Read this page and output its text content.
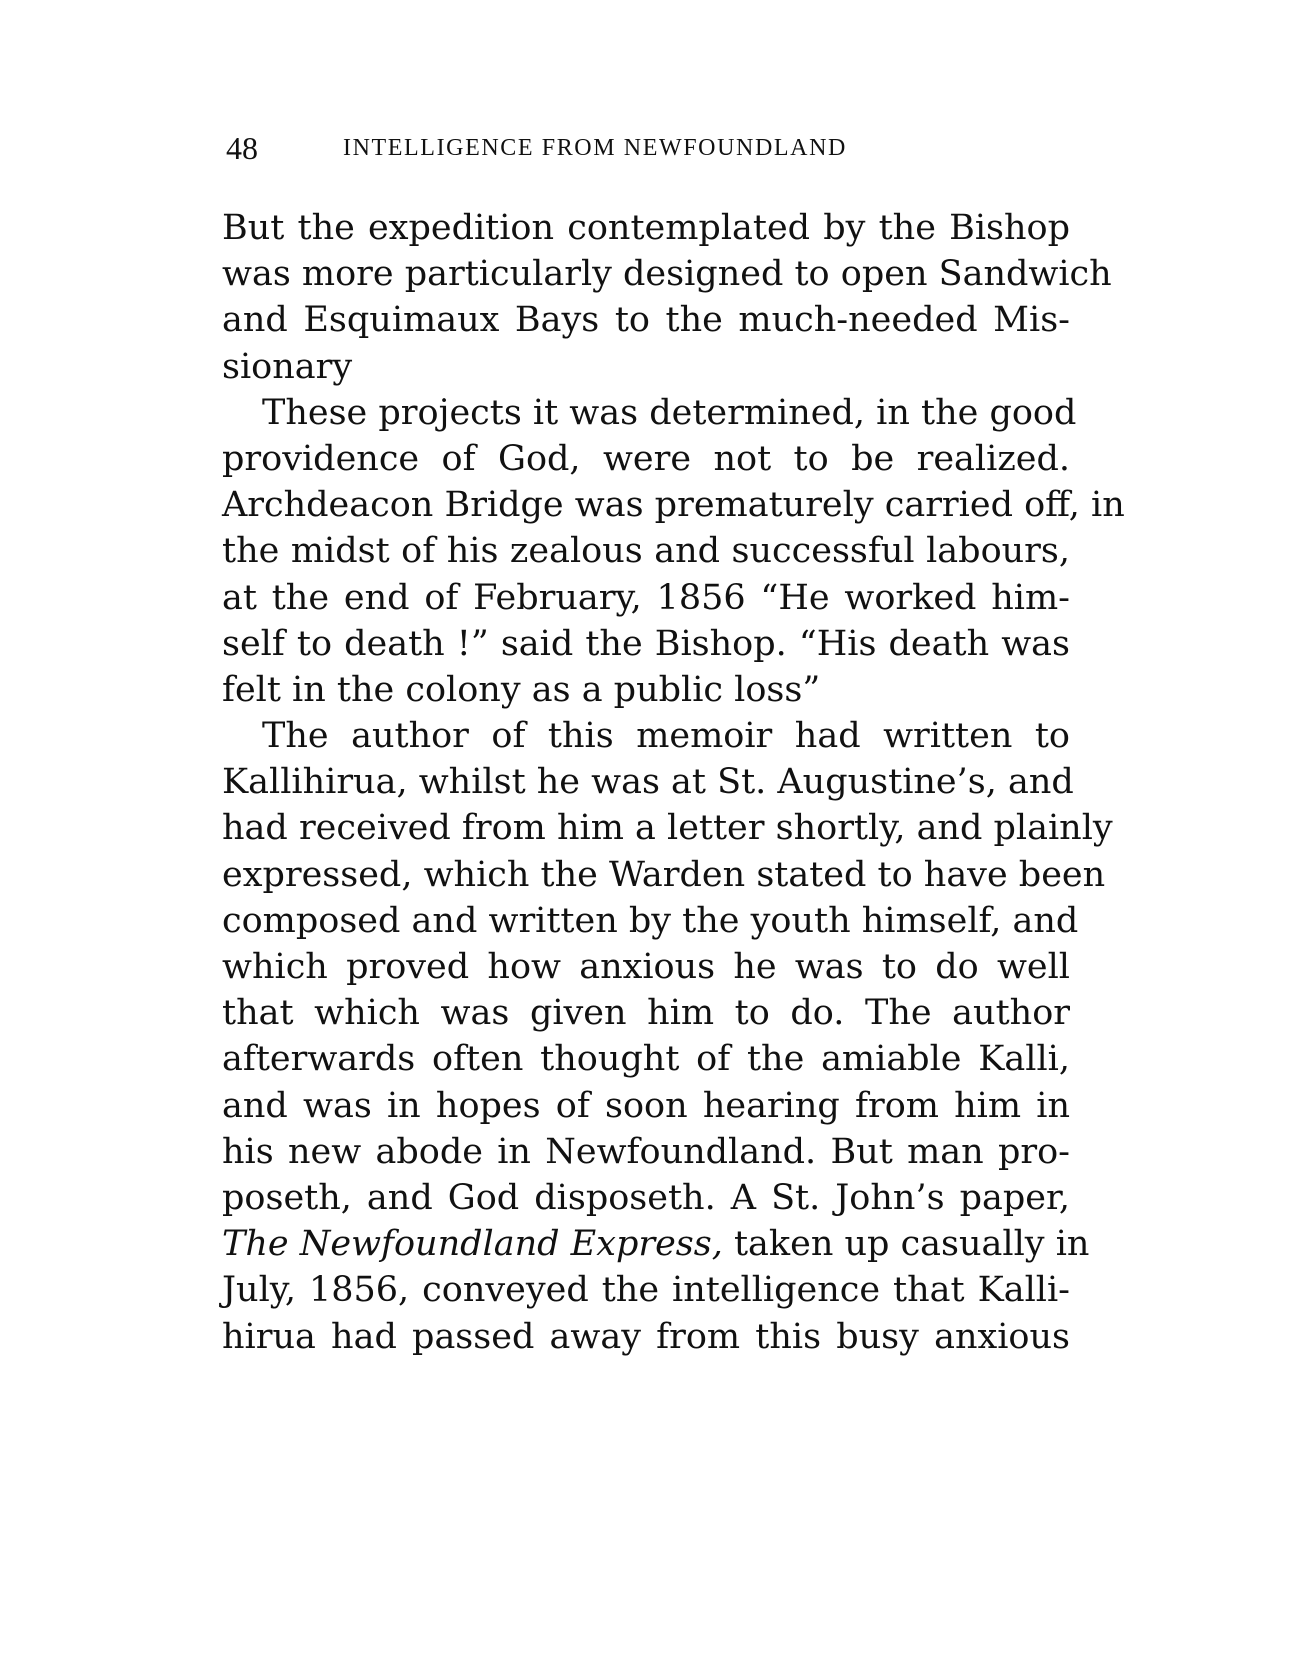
48	INTELLIGENCE FROM NEWFOUNDLAND
But the expedition contemplated by the Bishop
was more particularly designed to open Sandwich
and Esquimaux Bays to the much-needed Mis-
sionary
These projects it was determined, in the good
providence of God, were not to be realized.
Archdeacon Bridge was prematurely carried off, in
the midst of his zealous and successful labours,
at the end of February, 1856 “He worked him-
self to death !” said the Bishop. “His death was
felt in the colony as a public loss”
The author of this memoir had written to
Kallihirua, whilst he was at St. Augustine’s, and
had received from him a letter shortly, and plainly
expressed, which the Warden stated to have been
composed and written by the youth himself, and
which proved how anxious he was to do well
that which was given him to do. The author
afterwards often thought of the amiable Kalli,
and was in hopes of soon hearing from him in
his new abode in Newfoundland. But man pro-
poseth, and God disposeth. A St. John’s paper,
The Newfoundland Express, taken up casually in
July, 1856, conveyed the intelligence that Kalli-
hirua had passed away from this busy anxious
